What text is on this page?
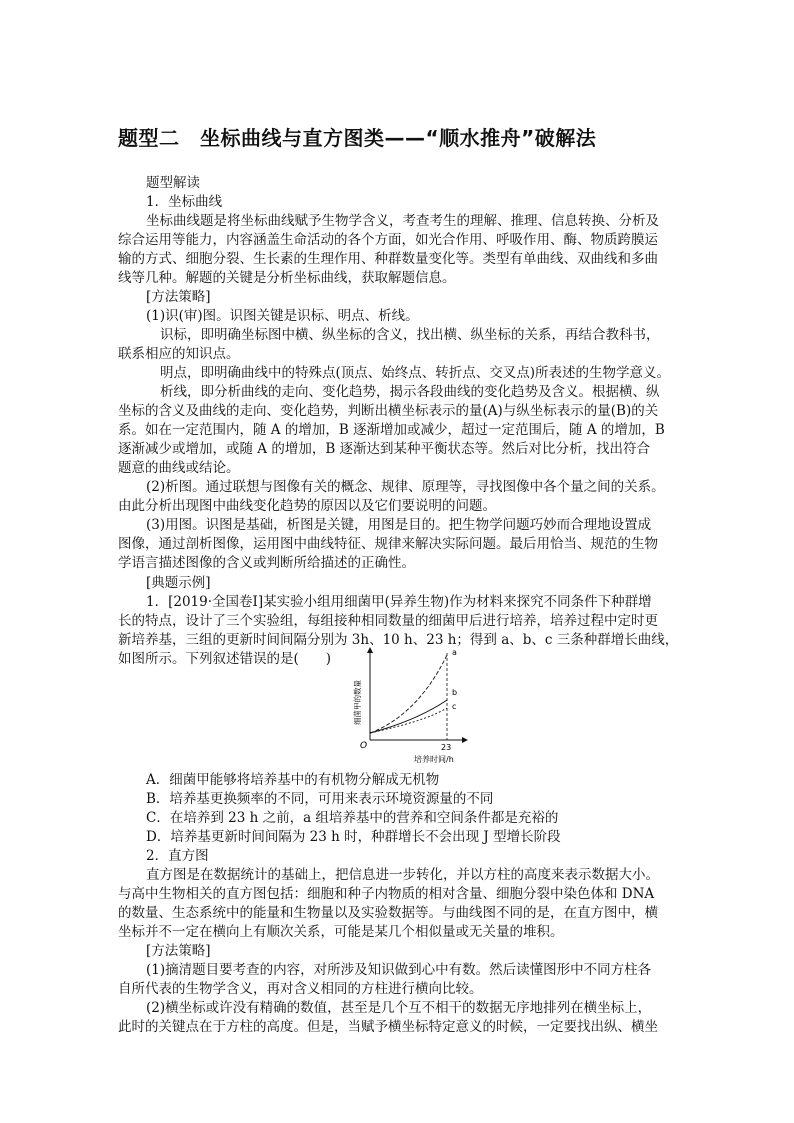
题型二　坐标曲线与直方图类——“顺水推舟”破解法
题型解读
1．坐标曲线
坐标曲线题是将坐标曲线赋予生物学含义，考查考生的理解、推理、信息转换、分析及
综合运用等能力，内容涵盖生命活动的各个方面，如光合作用、呼吸作用、酶、物质跨膜运
输的方式、细胞分裂、生长素的生理作用、种群数量变化等。类型有单曲线、双曲线和多曲
线等几种。解题的关键是分析坐标曲线，获取解题信息。
[方法策略]
(1)识(审)图。识图关键是识标、明点、析线。
识标，即明确坐标图中横、纵坐标的含义，找出横、纵坐标的关系，再结合教科书，
联系相应的知识点。
明点，即明确曲线中的特殊点(顶点、始终点、转折点、交叉点)所表述的生物学意义。
析线，即分析曲线的走向、变化趋势，揭示各段曲线的变化趋势及含义。根据横、纵
坐标的含义及曲线的走向、变化趋势，判断出横坐标表示的量(A)与纵坐标表示的量(B)的关
系。如在一定范围内，随 A 的增加，B 逐渐增加或减少，超过一定范围后，随 A 的增加，B
逐渐减少或增加，或随 A 的增加，B 逐渐达到某种平衡状态等。然后对比分析，找出符合
题意的曲线或结论。
(2)析图。通过联想与图像有关的概念、规律、原理等，寻找图像中各个量之间的关系。
由此分析出现图中曲线变化趋势的原因以及它们要说明的问题。
(3)用图。识图是基础，析图是关键，用图是目的。把生物学问题巧妙而合理地设置成
图像，通过剖析图像，运用图中曲线特征、规律来解决实际问题。最后用恰当、规范的生物
学语言描述图像的含义或判断所给描述的正确性。
[典题示例]
1．[2019·全国卷Ⅰ]某实验小组用细菌甲(异养生物)作为材料来探究不同条件下种群增
长的特点，设计了三个实验组，每组接种相同数量的细菌甲后进行培养，培养过程中定时更
新培养基，三组的更新时间间隔分别为 3h、10 h、23 h；得到 a、b、c 三条种群增长曲线，
如图所示。下列叙述错误的是(　　)	a
b
c
O	23
培养时间/h
细菌甲的数量
A．细菌甲能够将培养基中的有机物分解成无机物
B．培养基更换频率的不同，可用来表示环境资源量的不同
C．在培养到 23 h 之前，a 组培养基中的营养和空间条件都是充裕的
D．培养基更新时间间隔为 23 h 时，种群增长不会出现 J 型增长阶段
2．直方图
直方图是在数据统计的基础上，把信息进一步转化，并以方柱的高度来表示数据大小。
与高中生物相关的直方图包括：细胞和种子内物质的相对含量、细胞分裂中染色体和 DNA
的数量、生态系统中的能量和生物量以及实验数据等。与曲线图不同的是，在直方图中，横
坐标并不一定在横向上有顺次关系，可能是某几个相似量或无关量的堆积。
[方法策略]
(1)摘清题目要考查的内容，对所涉及知识做到心中有数。然后读懂图形中不同方柱各
自所代表的生物学含义，再对含义相同的方柱进行横向比较。
(2)横坐标或许没有精确的数值，甚至是几个互不相干的数据无序地排列在横坐标上，
此时的关键点在于方柱的高度。但是，当赋予横坐标特定意义的时候，一定要找出纵、横坐
